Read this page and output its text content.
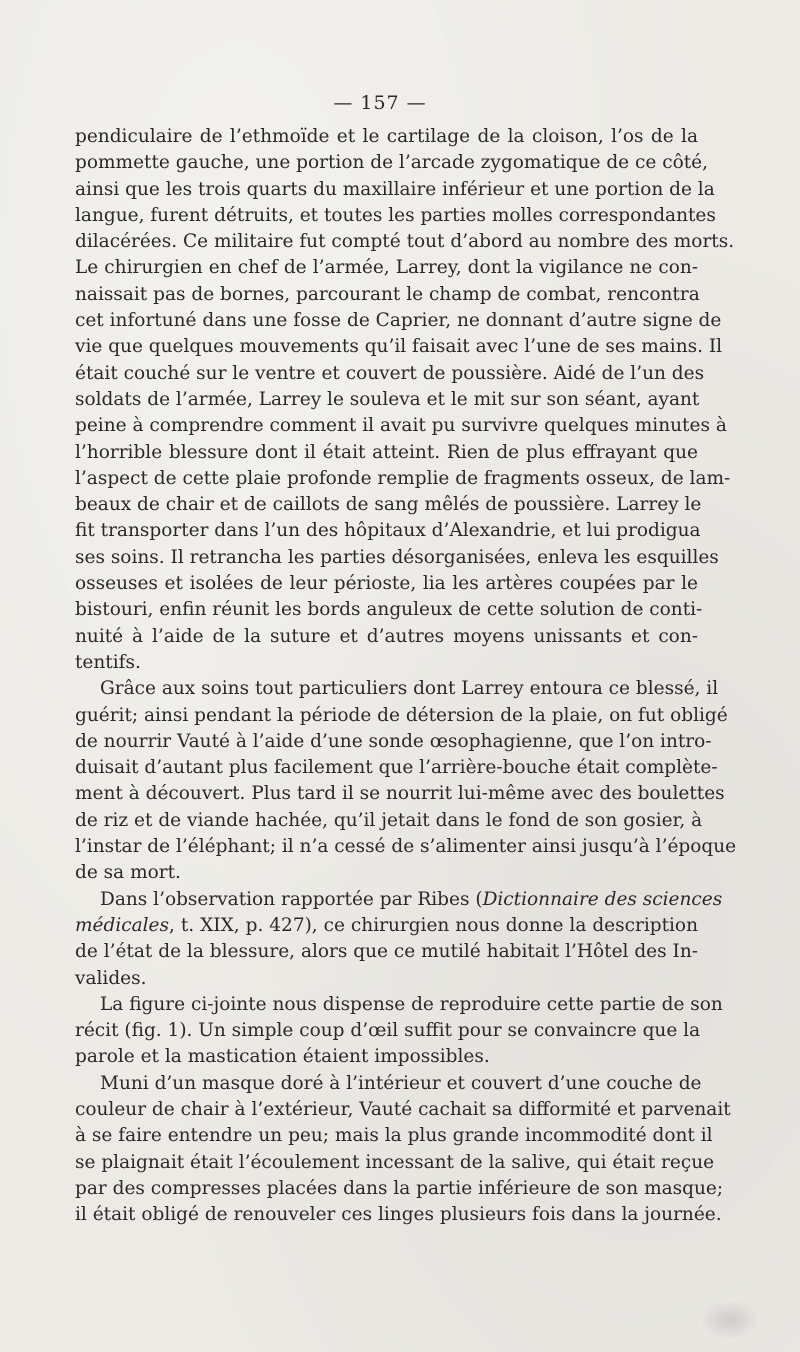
— 157 —
pendiculaire de l’ethmoïde et le cartilage de la cloison, l’os de la
pommette gauche, une portion de l’arcade zygomatique de ce côté,
ainsi que les trois quarts du maxillaire inférieur et une portion de la
langue, furent détruits, et toutes les parties molles correspondantes
dilacérées. Ce militaire fut compté tout d’abord au nombre des morts.
Le chirurgien en chef de l’armée, Larrey, dont la vigilance ne con-
naissait pas de bornes, parcourant le champ de combat, rencontra
cet infortuné dans une fosse de Caprier, ne donnant d’autre signe de
vie que quelques mouvements qu’il faisait avec l’une de ses mains. Il
était couché sur le ventre et couvert de poussière. Aidé de l’un des
soldats de l’armée, Larrey le souleva et le mit sur son séant, ayant
peine à comprendre comment il avait pu survivre quelques minutes à
l’horrible blessure dont il était atteint. Rien de plus effrayant que
l’aspect de cette plaie profonde remplie de fragments osseux, de lam-
beaux de chair et de caillots de sang mêlés de poussière. Larrey le
fit transporter dans l’un des hôpitaux d’Alexandrie, et lui prodigua
ses soins. Il retrancha les parties désorganisées, enleva les esquilles
osseuses et isolées de leur périoste, lia les artères coupées par le
bistouri, enfin réunit les bords anguleux de cette solution de conti-
nuité à l’aide de la suture et d’autres moyens unissants et con-
tentifs.
Grâce aux soins tout particuliers dont Larrey entoura ce blessé, il
guérit; ainsi pendant la période de détersion de la plaie, on fut obligé
de nourrir Vauté à l’aide d’une sonde œsophagienne, que l’on intro-
duisait d’autant plus facilement que l’arrière-bouche était complète-
ment à découvert. Plus tard il se nourrit lui-même avec des boulettes
de riz et de viande hachée, qu’il jetait dans le fond de son gosier, à
l’instar de l’éléphant; il n’a cessé de s’alimenter ainsi jusqu’à l’époque
de sa mort.
Dans l’observation rapportée par Ribes (Dictionnaire des sciences
médicales, t. XIX, p. 427), ce chirurgien nous donne la description
de l’état de la blessure, alors que ce mutilé habitait l’Hôtel des In-
valides.
La figure ci-jointe nous dispense de reproduire cette partie de son
récit (fig. 1). Un simple coup d’œil suffit pour se convaincre que la
parole et la mastication étaient impossibles.
Muni d’un masque doré à l’intérieur et couvert d’une couche de
couleur de chair à l’extérieur, Vauté cachait sa difformité et parvenait
à se faire entendre un peu; mais la plus grande incommodité dont il
se plaignait était l’écoulement incessant de la salive, qui était reçue
par des compresses placées dans la partie inférieure de son masque;
il était obligé de renouveler ces linges plusieurs fois dans la journée.
